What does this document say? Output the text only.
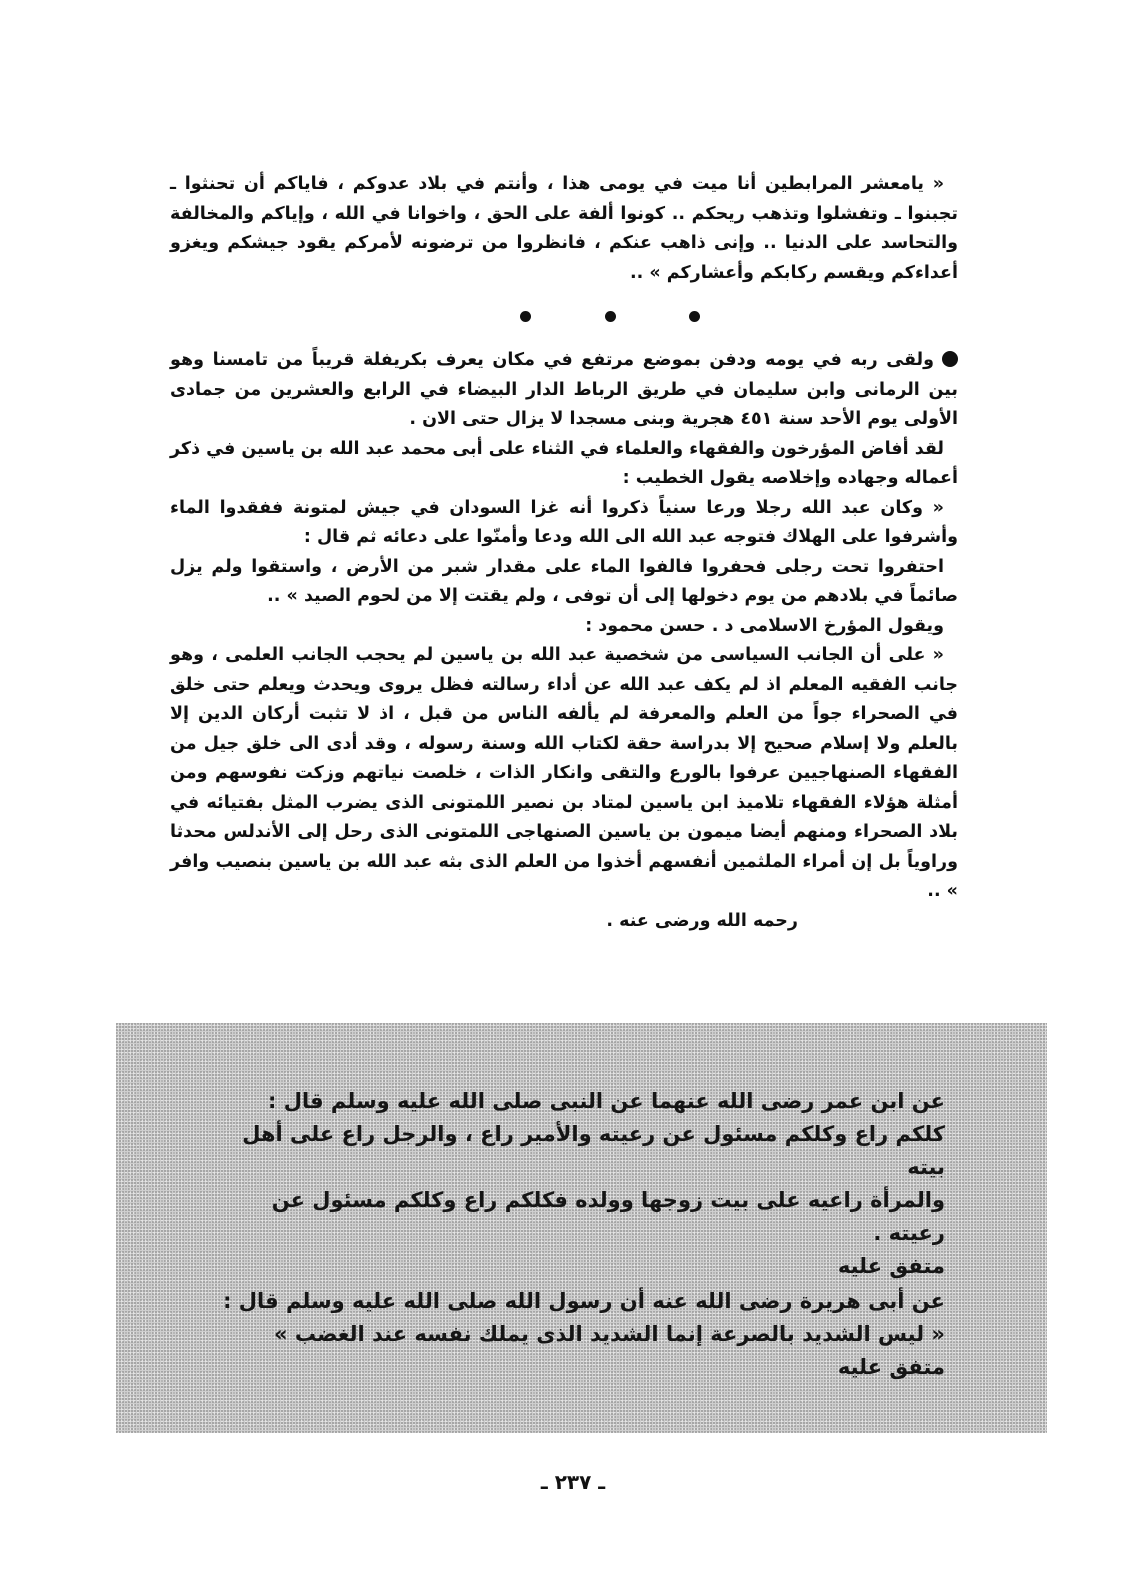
« يامعشر المرابطين أنا ميت في يومى هذا ، وأنتم في بلاد عدوكم ، فاياكم أن تحنثوا ـ تجبنوا ـ وتفشلوا وتذهب ريحكم .. كونوا ألفة على الحق ، واخوانا في الله ، وإياكم والمخالفة والتحاسد على الدنيا .. وإنى ذاهب عنكم ، فانظروا من ترضونه لأمركم يقود جيشكم ويغزو أعداءكم ويقسم ركابكم وأعشاركم » ..

ولقى ربه في يومه ودفن بموضع مرتفع في مكان يعرف بكريفلة قريباً من تامسنا وهو بين الرمانى وابن سليمان في طريق الرباط الدار البيضاء في الرابع والعشرين من جمادى الأولى يوم الأحد سنة ٤٥١ هجرية وبنى مسجدا لا يزال حتى الان .

لقد أفاض المؤرخون والفقهاء والعلماء في الثناء على أبى محمد عبد الله بن ياسين في ذكر أعماله وجهاده وإخلاصه يقول الخطيب :

« وكان عبد الله رجلا ورعا سنياً ذكروا أنه غزا السودان في جيش لمتونة ففقدوا الماء وأشرفوا على الهلاك فتوجه عبد الله الى الله ودعا وأمنّوا على دعائه ثم قال :

احتفروا تحت رجلى فحفروا فالفوا الماء على مقدار شبر من الأرض ، واستقوا ولم يزل صائماً في بلادهم من يوم دخولها إلى أن توفى ، ولم يقتت إلا من لحوم الصيد » ..

ويقول المؤرخ الاسلامى د . حسن محمود :

« على أن الجانب السياسى من شخصية عبد الله بن ياسين لم يحجب الجانب العلمى ، وهو جانب الفقيه المعلم اذ لم يكف عبد الله عن أداء رسالته فظل يروى ويحدث ويعلم حتى خلق في الصحراء جواً من العلم والمعرفة لم يألفه الناس من قبل ، اذ لا تثبت أركان الدين إلا بالعلم ولا إسلام صحيح إلا بدراسة حقة لكتاب الله وسنة رسوله ، وقد أدى الى خلق جيل من الفقهاء الصنهاجيين عرفوا بالورع والتقى وانكار الذات ، خلصت نياتهم وزكت نفوسهم ومن أمثلة هؤلاء الفقهاء تلاميذ ابن ياسين لمتاد بن نصير اللمتونى الذى يضرب المثل بفتيائه في بلاد الصحراء ومنهم أيضا ميمون بن ياسين الصنهاجى اللمتونى الذى رحل إلى الأندلس محدثا وراوياً بل إن أمراء الملثمين أنفسهم أخذوا من العلم الذى بثه عبد الله بن ياسين بنصيب وافر » ..

رحمه الله ورضى عنه .

عن ابن عمر رضى الله عنهما عن النبى صلى الله عليه وسلم قال :

كلكم راع وكلكم مسئول عن رعيته والأمير راع ، والرجل راع على أهل بيته

والمرأة راعيه على بيت زوجها وولده فكلكم راع وكلكم مسئول عن رعيته .

متفق عليه

عن أبى هريرة رضى الله عنه أن رسول الله صلى الله عليه وسلم قال :

« ليس الشديد بالصرعة إنما الشديد الذى يملك نفسه عند الغضب » متفق عليه

ـ ٢٣٧ ـ
